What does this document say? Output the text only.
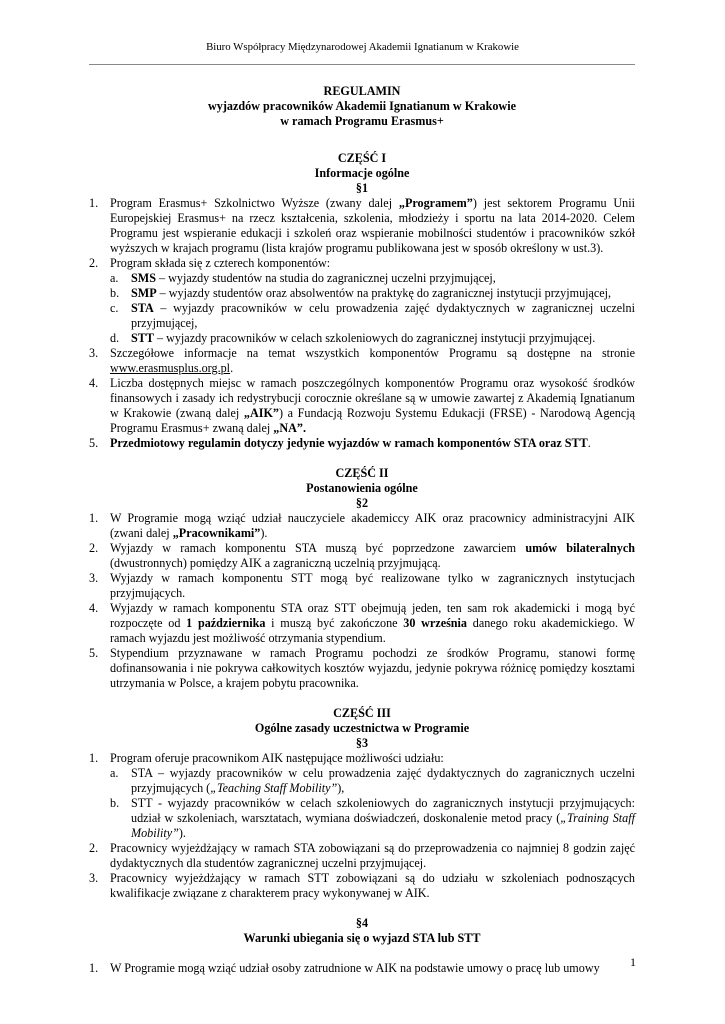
Biuro Współpracy Międzynarodowej Akademii Ignatianum w Krakowie
REGULAMIN
wyjazdów pracowników Akademii Ignatianum w Krakowie
w ramach Programu Erasmus+
CZĘŚĆ I
Informacje ogólne
§1
1. Program Erasmus+ Szkolnictwo Wyższe (zwany dalej „Programem”) jest sektorem Programu Unii Europejskiej Erasmus+ na rzecz kształcenia, szkolenia, młodzieży i sportu na lata 2014-2020. Celem Programu jest wspieranie edukacji i szkoleń oraz wspieranie mobilności studentów i pracowników szkół wyższych w krajach programu (lista krajów programu publikowana jest w sposób określony w ust.3).
2. Program składa się z czterech komponentów:
a.	SMS – wyjazdy studentów na studia do zagranicznej uczelni przyjmującej,
b. SMP – wyjazdy studentów oraz absolwentów na praktykę do zagranicznej instytucji przyjmującej,
c.	STA – wyjazdy pracowników w celu prowadzenia zajęć dydaktycznych w zagranicznej uczelni przyjmującej,
d. STT – wyjazdy pracowników w celach szkoleniowych do zagranicznej instytucji przyjmującej.
3. Szczegółowe informacje na temat wszystkich komponentów Programu są dostępne na stronie www.erasmusplus.org.pl.
4. Liczba dostępnych miejsc w ramach poszczególnych komponentów Programu oraz wysokość środków finansowych i zasady ich redystrybucji corocznie określane są w umowie zawartej z Akademią Ignatianum w Krakowie (zwaną dalej „AIK”) a Fundacją Rozwoju Systemu Edukacji (FRSE) - Narodową Agencją Programu Erasmus+ zwaną dalej „NA”.
5. Przedmiotowy regulamin dotyczy jedynie wyjazdów w ramach komponentów STA oraz STT.
CZĘŚĆ II
Postanowienia ogólne
§2
1. W Programie mogą wziąć udział nauczyciele akademiccy AIK oraz pracownicy administracyjni AIK (zwani dalej „Pracownikami”).
2. Wyjazdy w ramach komponentu STA muszą być poprzedzone zawarciem umów bilateralnych (dwustronnych) pomiędzy AIK a zagraniczną uczelnią przyjmującą.
3. Wyjazdy w ramach komponentu STT mogą być realizowane tylko w zagranicznych instytucjach przyjmujących.
4. Wyjazdy w ramach komponentu STA oraz STT obejmują jeden, ten sam rok akademicki i mogą być rozpoczęte od 1 października i muszą być zakończone 30 września danego roku akademickiego. W ramach wyjazdu jest możliwość otrzymania stypendium.
5. Stypendium przyznawane w ramach Programu pochodzi ze środków Programu, stanowi formę dofinansowania i nie pokrywa całkowitych kosztów wyjazdu, jedynie pokrywa różnicę pomiędzy kosztami utrzymania w Polsce, a krajem pobytu pracownika.
CZĘŚĆ III
Ogólne zasady uczestnictwa w Programie
§3
1. Program oferuje pracownikom AIK następujące możliwości udziału:
a.	STA – wyjazdy pracowników w celu prowadzenia zajęć dydaktycznych do zagranicznych uczelni przyjmujących („Teaching Staff Mobility”),
b. STT - wyjazdy pracowników w celach szkoleniowych do zagranicznych instytucji przyjmujących: udział w szkoleniach, warsztatach, wymiana doświadczeń, doskonalenie metod pracy („Training Staff Mobility”).
2. Pracownicy wyjeżdżający w ramach STA zobowiązani są do przeprowadzenia co najmniej 8 godzin zajęć dydaktycznych dla studentów zagranicznej uczelni przyjmującej.
3. Pracownicy wyjeżdżający w ramach STT zobowiązani są do udziału w szkoleniach podnoszących kwalifikacje związane z charakterem pracy wykonywanej w AIK.
§4
Warunki ubiegania się o wyjazd STA lub STT
1. W Programie mogą wziąć udział osoby zatrudnione w AIK na podstawie umowy o pracę lub umowy	1
